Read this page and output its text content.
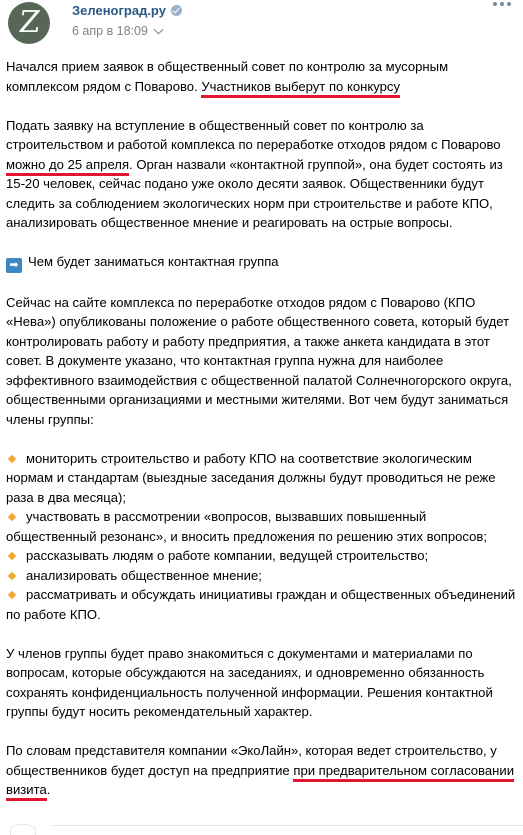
Z Зеленоград.ру
6 апр в 18:09

Начался прием заявок в общественный совет по контролю за мусорным комплексом рядом с Поварово. Участников выберут по конкурсу

Подать заявку на вступление в общественный совет по контролю за строительством и работой комплекса по переработке отходов рядом с Поварово можно до 25 апреля. Орган назвали «контактной группой», она будет состоять из 15-20 человек, сейчас подано уже около десяти заявок. Общественники будут следить за соблюдением экологических норм при строительстве и работе КПО, анализировать общественное мнение и реагировать на острые вопросы.

➡ Чем будет заниматься контактная группа

Сейчас на сайте комплекса по переработке отходов рядом с Поварово (КПО «Нева») опубликованы положение о работе общественного совета, который будет контролировать работу и работу предприятия, а также анкета кандидата в этот совет. В документе указано, что контактная группа нужна для наиболее эффективного взаимодействия с общественной палатой Солнечногорского округа, общественными организациями и местными жителями. Вот чем будут заниматься члены группы:

мониторить строительство и работу КПО на соответствие экологическим нормам и стандартам (выездные заседания должны будут проводиться не реже раза в два месяца);
участвовать в рассмотрении «вопросов, вызвавших повышенный общественный резонанс», и вносить предложения по решению этих вопросов;
рассказывать людям о работе компании, ведущей строительство;
анализировать общественное мнение;
рассматривать и обсуждать инициативы граждан и общественных объединений по работе КПО.

У членов группы будет право знакомиться с документами и материалами по вопросам, которые обсуждаются на заседаниях, и одновременно обязанность сохранять конфиденциальность полученной информации. Решения контактной группы будут носить рекомендательный характер.

По словам представителя компании «ЭкоЛайн», которая ведет строительство, у общественников будет доступ на предприятие при предварительном согласовании визита.
